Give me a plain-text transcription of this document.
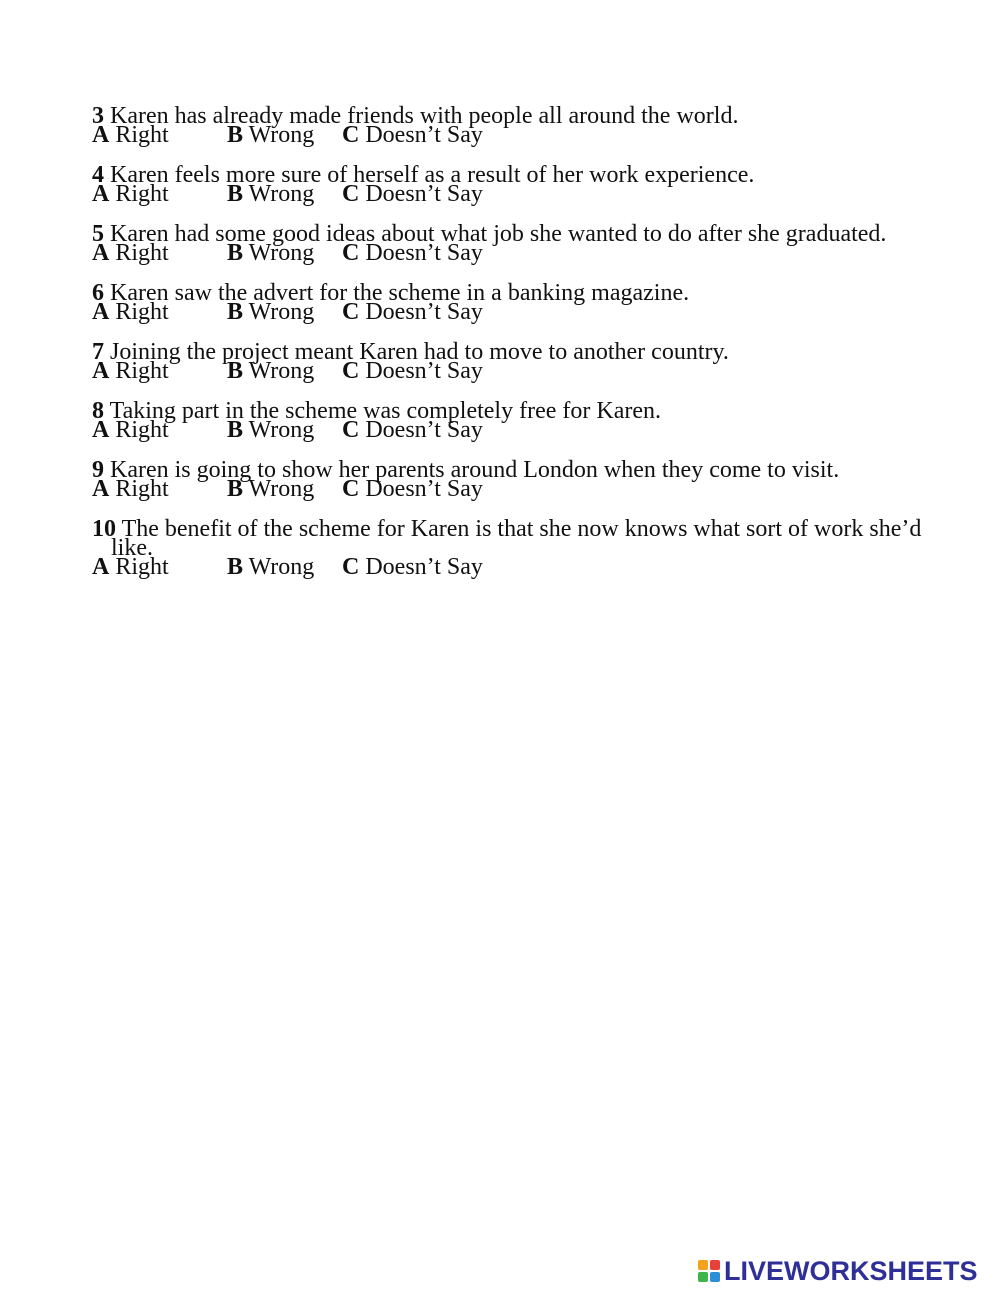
3 Karen has already made friends with people all around the world.
A Right B Wrong C Doesn’t Say
4 Karen feels more sure of herself as a result of her work experience.
A Right B Wrong C Doesn’t Say
5 Karen had some good ideas about what job she wanted to do after she graduated.
A Right B Wrong C Doesn’t Say
6 Karen saw the advert for the scheme in a banking magazine.
A Right B Wrong C Doesn’t Say
7 Joining the project meant Karen had to move to another country.
A Right B Wrong C Doesn’t Say
8 Taking part in the scheme was completely free for Karen.
A Right B Wrong C Doesn’t Say
9 Karen is going to show her parents around London when they come to visit.
A Right B Wrong C Doesn’t Say
10 The benefit of the scheme for Karen is that she now knows what sort of work she’d like.
A Right B Wrong C Doesn’t Say
LIVEWORKSHEETS
